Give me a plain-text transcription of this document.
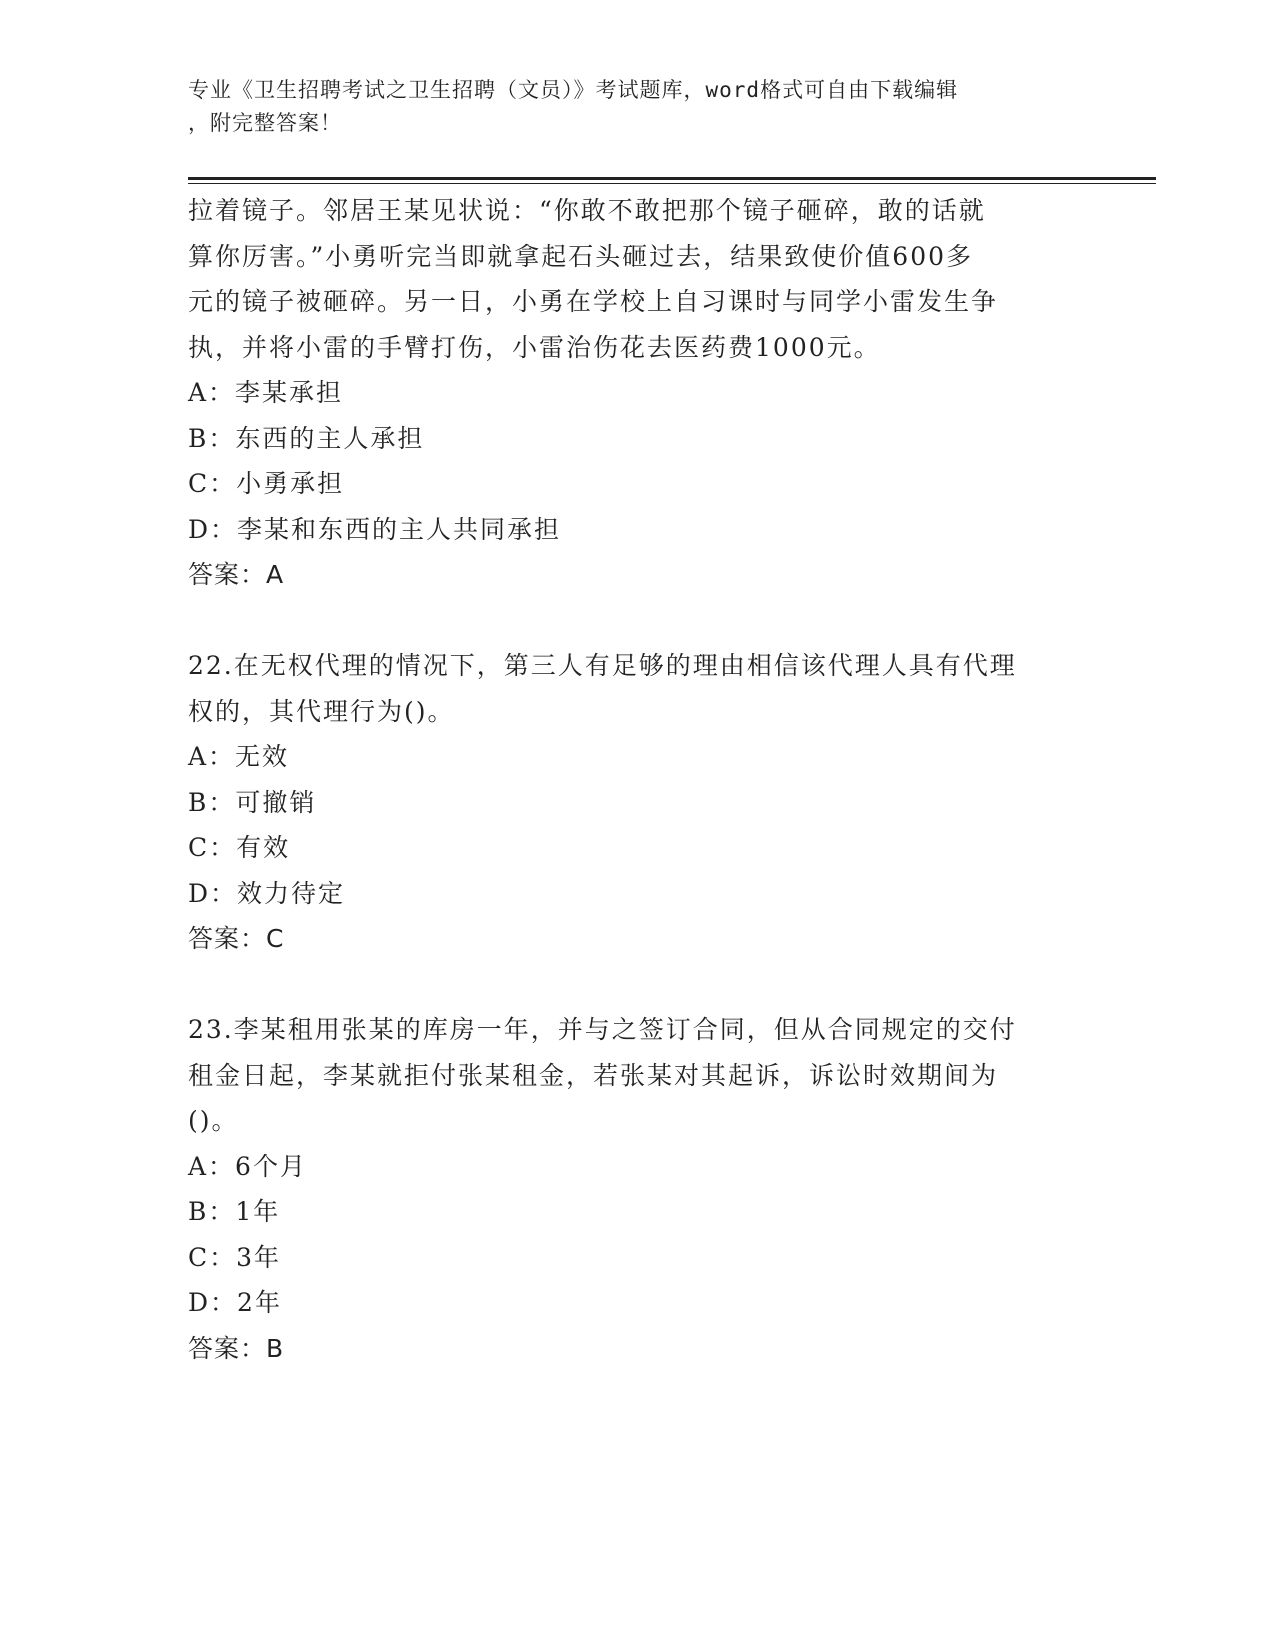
专业《卫生招聘考试之卫生招聘（文员）》考试题库，word格式可自由下载编辑
，附完整答案！

拉着镜子。邻居王某见状说：“你敢不敢把那个镜子砸碎，敢的话就

算你厉害。”小勇听完当即就拿起石头砸过去，结果致使价值600多

元的镜子被砸碎。另一日，小勇在学校上自习课时与同学小雷发生争

执，并将小雷的手臂打伤，小雷治伤花去医药费1000元。

A：李某承担

B：东西的主人承担

C：小勇承担

D：李某和东西的主人共同承担

答案：A

22.在无权代理的情况下，第三人有足够的理由相信该代理人具有代理

权的，其代理行为()。

A：无效

B：可撤销

C：有效

D：效力待定

答案：C

23.李某租用张某的库房一年，并与之签订合同，但从合同规定的交付

租金日起，李某就拒付张某租金，若张某对其起诉，诉讼时效期间为

()。

A：6个月

B：1年

C：3年

D：2年

答案：B
